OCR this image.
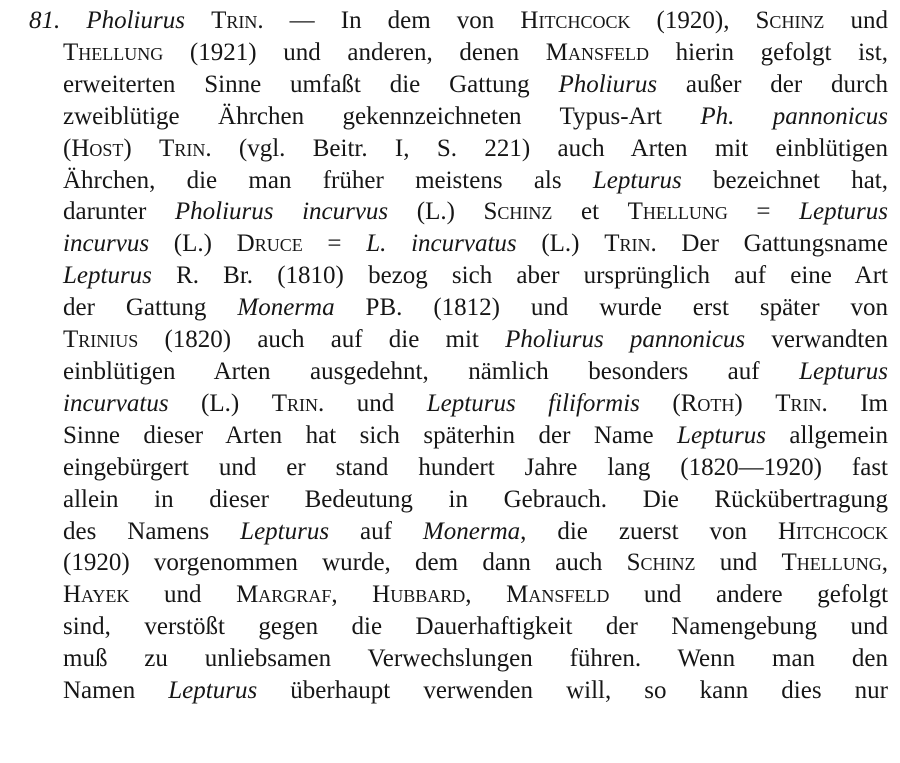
81. Pholiurus Trin. — In dem von Hitchcock (1920), Schinz und
Thellung (1921) und anderen, denen Mansfeld hierin gefolgt ist,
erweiterten Sinne umfaßt die Gattung Pholiurus außer der durch
zweiblütige Ährchen gekennzeichneten Typus-Art Ph. pannonicus
(Host) Trin. (vgl. Beitr. I, S. 221) auch Arten mit einblütigen
Ährchen, die man früher meistens als Lepturus bezeichnet hat,
darunter Pholiurus incurvus (L.) Schinz et Thellung = Lepturus
incurvus (L.) Druce = L. incurvatus (L.) Trin. Der Gattungsname
Lepturus R. Br. (1810) bezog sich aber ursprünglich auf eine Art
der Gattung Monerma PB. (1812) und wurde erst später von
Trinius (1820) auch auf die mit Pholiurus pannonicus verwandten
einblütigen Arten ausgedehnt, nämlich besonders auf Lepturus
incurvatus (L.) Trin. und Lepturus filiformis (Roth) Trin. Im
Sinne dieser Arten hat sich späterhin der Name Lepturus allgemein
eingebürgert und er stand hundert Jahre lang (1820—1920) fast
allein in dieser Bedeutung in Gebrauch. Die Rückübertragung
des Namens Lepturus auf Monerma, die zuerst von Hitchcock
(1920) vorgenommen wurde, dem dann auch Schinz und Thellung,
Hayek und Margraf, Hubbard, Mansfeld und andere gefolgt
sind, verstößt gegen die Dauerhaftigkeit der Namengebung und
muß zu unliebsamen Verwechslungen führen. Wenn man den
Namen Lepturus überhaupt verwenden will, so kann dies nur
